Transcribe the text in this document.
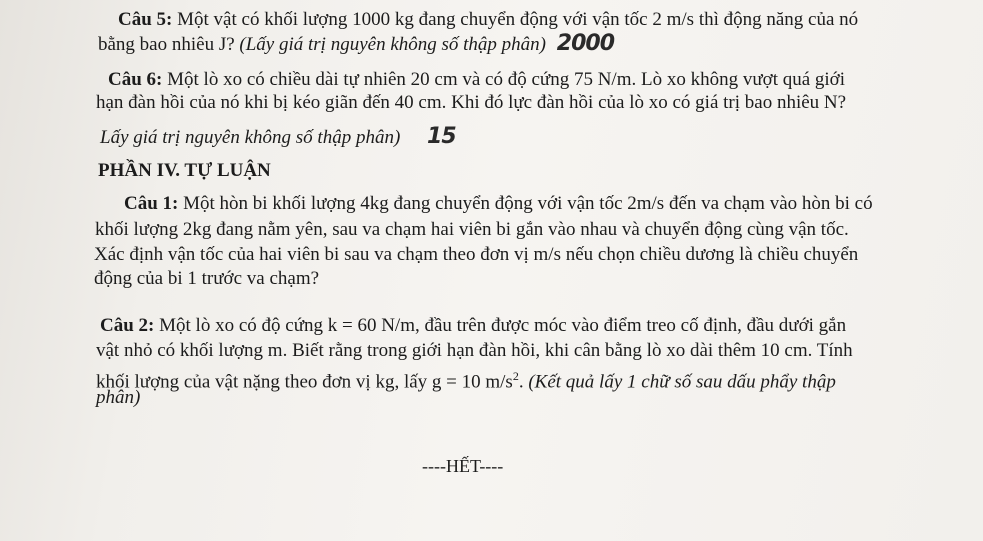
Câu 5: Một vật có khối lượng 1000 kg đang chuyển động với vận tốc 2 m/s thì động năng của nó
bằng bao nhiêu J? (Lấy giá trị nguyên không số thập phân) 2000
Câu 6: Một lò xo có chiều dài tự nhiên 20 cm và có độ cứng 75 N/m. Lò xo không vượt quá giới
hạn đàn hồi của nó khi bị kéo giãn đến 40 cm. Khi đó lực đàn hồi của lò xo có giá trị bao nhiêu N?
Lấy giá trị nguyên không số thập phân) 15
PHẦN IV. TỰ LUẬN
Câu 1: Một hòn bi khối lượng 4kg đang chuyển động với vận tốc 2m/s đến va chạm vào hòn bi có
khối lượng 2kg đang nằm yên, sau va chạm hai viên bi gắn vào nhau và chuyển động cùng vận tốc.
Xác định vận tốc của hai viên bi sau va chạm theo đơn vị m/s nếu chọn chiều dương là chiều chuyển
động của bi 1 trước va chạm?
Câu 2: Một lò xo có độ cứng k = 60 N/m, đầu trên được móc vào điểm treo cố định, đầu dưới gắn
vật nhỏ có khối lượng m. Biết rằng trong giới hạn đàn hồi, khi cân bằng lò xo dài thêm 10 cm. Tính
khối lượng của vật nặng theo đơn vị kg, lấy g = 10 $m/s^2$. (Kết quả lấy 1 chữ số sau dấu phẩy thập
phân)
----HẾT----
